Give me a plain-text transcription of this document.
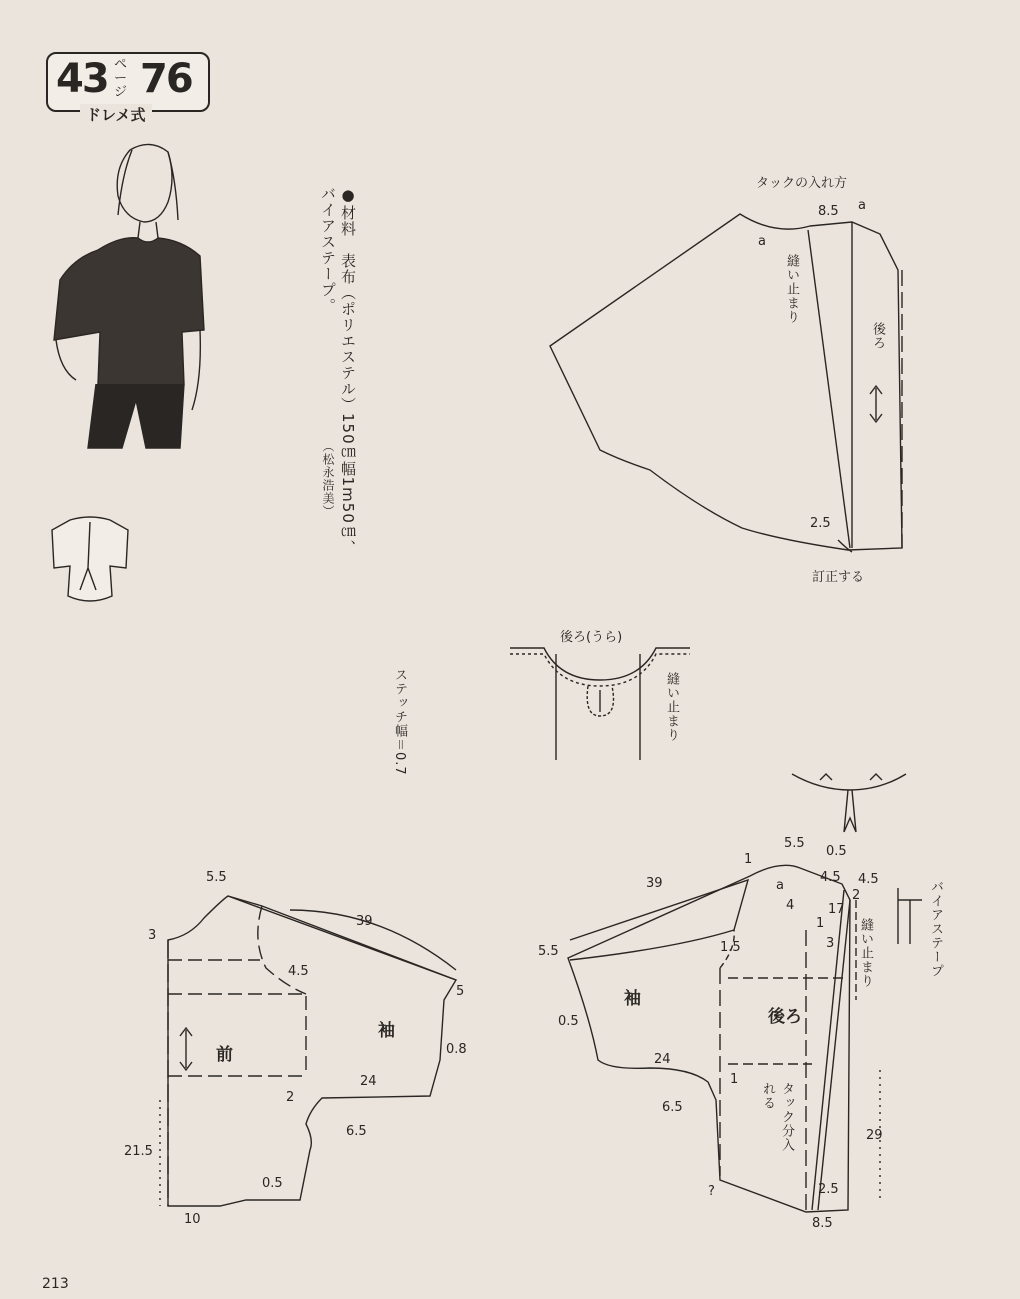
43 ページ 76
ドレメ式
●材料　表布（ポリエステル）150㎝幅1m50㎝、
バイアステープ。
（松永浩美）
タックの入れ方
a
a
8.5
2.5
縫い止まり
後ろ
訂正する
後ろ(うら)
縫い止まり
ステッチ幅＝0.7
5.5
3
39
4.5
5
袖
前	0.8
24
2
6.5
21.5
0.5
10
5.5
0.5
1
a
4.5 4.5
2
4	17
1
3
39
5.5	1.5
袖
後ろ
縫い止まり
0.5
24
1
6.5	タック分入れる
29
?	2.5
8.5
バイアステープ
213
